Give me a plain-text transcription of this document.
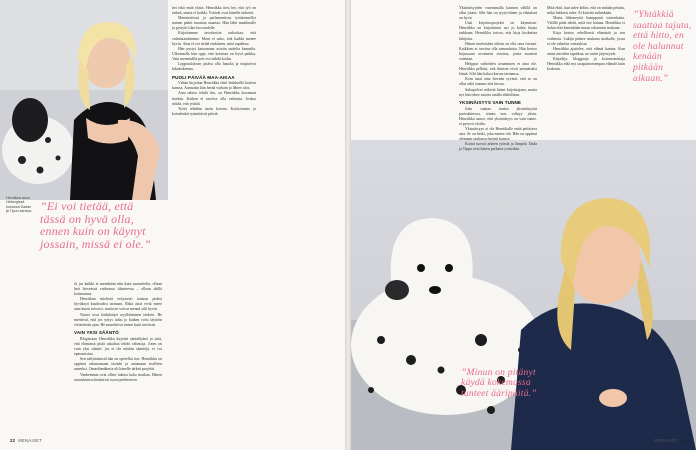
Henriikka asuu Helsingissä koiransa Dadan ja Tipun kanssa. ”Ei voi tietää, että tässä on hyvä olla, ennen kuin on käynyt jossain, missä ei ole.”

Ja jos kaikki ei menekään niin kuin suunniteltu, ollaan heti hirveässä vaikeassa tilanteessa – ollaan täällä kotimaassa.

Henriikan mielestä erityisesti taustan pitäisi hyväksyä kuuluvaksi tarinaan. Ehkä asiat eivät mene aina kuten toivoisi, mutta ne voivat mennä silti hyvin.

Naiset ovat kärkikärjet nyylläämisen tiedoin. He miettivät, että jos yritys tulisi jo kaiken voisi täytöön vietettävän ajan. He murehtivat ennen kuin tarvitsisi.

VAIN YKSI SÄÄNTÖ

Blogissaan Henriikka kirjoitti säntäilijänä ja siitä, että elämässä pitää uskaltaa tehdä valintoja. Joten on vain yksi sääntö: jos ei ole mitään sääntöjä, ei voi epäonnistua.

Sen säilyttämistä hän on opetellut itse. Henriikka on oppinut rakastamaan itseään ja antamaan itselleen anteeksi. Omaelämäkerta oli hänelle tärkeä projekti.

Vanhemmat ovat olleet tukena koko matkan. Hänen sisaruksensa kuuluivat isoon perheeseen.

hei eikä enää yksin. Henriikka tiesi hei, että työ on tärkeä, mutta ei kaikki. Ystävät ovat hänelle tärkeitä.

Ministeriössä ja parlamentissa työskennellyt nainen päätti muuttaa suuntaa. Hän lähti maailmalle ja pystytti tilaa luovuudelle.

Kirjoitamme tavoitteista tarkoittaa, että valmistaudumme. Moni ei usko, että kaikki menee hyvin. Aina ei voi tietää etukäteen, mitä tapahtuu.

Hän pystyi katsomaan asioita uudelta kannalta. Ulkomailla hän oppi, että kotimaa on hyvä paikka. Vain menemällä pois voi nähdä kodin.

Lopputuloksen pitäisi olla hauska ja inspiroiva lukukokemus.

PUOLI PÄIVÄÄ MAA-AIKAA

Vähän kirjoitan Henriikka ehtii lenkkeillä koirien kanssa. Aamuisin hän herää varhain ja lähtee ulos.

Aina tahtoo tehdä itse, on Henriikka kuvannut itseään. Kaiken ei tarvitse olla valmista. Joskus riittää, että yrittää.

Työtä tehdään usein kotona. Kotitoimisto ja koiralenkit rytmittävät päiviä.

22 MENAISET

Yksinäisyyden vasemmalla kannen välillä on ollut jotain. Silti hän on tyytyväinen ja elämässä on hyvä.

Uusi kirjoitusprojekti on käynnissä. Henriikka on kirjoittanut nyt jo kahta kirjaa tarkkaan. Henriikka toivoo, että kirja koskettaa lukijoita.

Hänen mielestään oikein on olla oma itsensä. Kaikkien ei tarvitse olla samanlaisia. Hän kertoo kirjassaan avoimesti asioista, joista monesti vaietaan.

Helppoa vaiheiden avaaminen ei aina ole. Henriikka pelkäsi, että ihmiset eivät ymmärtäisi häntä. Silti hän halusi kertoa tarinansa.

Koin asiat aina hirveän syvästi, että se on ollut sekä siunaus että kirous.

Sukupolvet näkivät hänet kirjoittajana, mutta nyt hän tekee asioita omilla ehdoillaan.

YKSINÄISYYS VAIN TUNNE

Joku saattaa tuntea yksinäisyyttä parisuhteessa, toinen taas viihtyy yksin. Henriikka sanoo, että yksinäisyys on vain tunne, ei pysyvä olotila.

Yksinäisyys ei ole Henriikalle enää pelottava asia. Se on hetki, joka menee ohi. Hän on oppinut olemaan rauhassa itsensä kanssa.

Koirat tuovat arkeen rytmiä ja lämpöä. Dada ja Tippu ovat hänen parhaita ystäviään.

Mitä ehtii, kun tulee keliin, että on mitään pelattu, mikä hetkeen tulee. Ei kiirettä mihinkään.

Muita lähteneyttä kumppanit toisenlaisia. Välillä pitää tehdä, mitä itse haluaa. Henriikka ei halua elää kenenkään muun odotusten mukaan.

Kirja kertoo rehellisesti elämästä ja sen vaiheista. Lukija pääsee mukaan matkalle, jossa ei ole valmiita vastauksia.

Henriikka ajattelee, että elämä kantaa. Kun antaa asioiden tapahtua, ne usein järjestyvät.

Kirjailija, bloggaaja ja koiranomistaja Henriikka elää nyt tasapainoisempaa elämää kuin koskaan.

”Yhtäkkiä saattaa tajuta, että hitto, en ole halunnut kenään pitkään aikaan.”
”Minun on pitänyt käydä kokemassa tunteet ääripäitä.”
MENAISET 23
